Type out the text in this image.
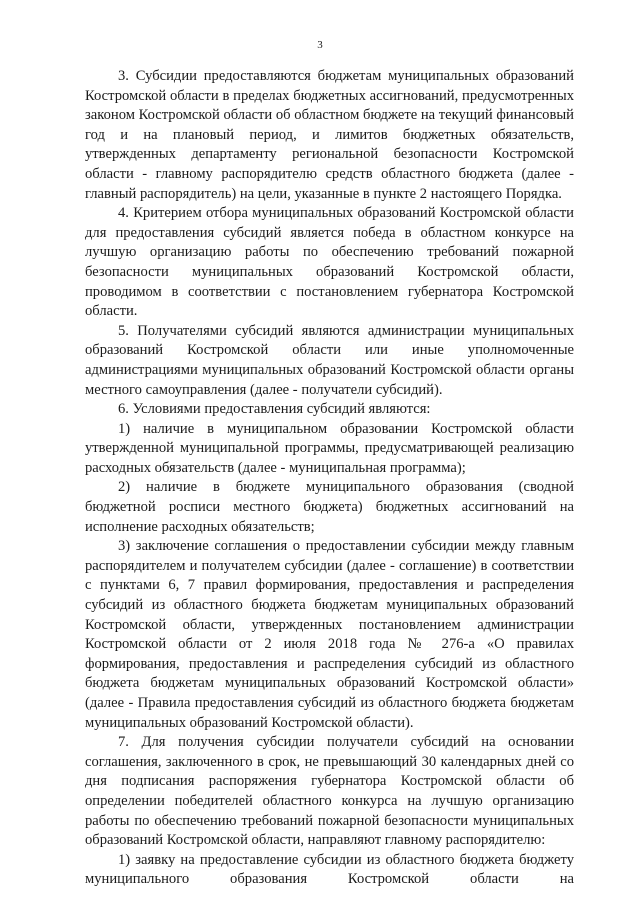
3

3. Субсидии предоставляются бюджетам муниципальных образований Костромской области в пределах бюджетных ассигнований, предусмотренных законом Костромской области об областном бюджете на текущий финансовый год и на плановый период, и лимитов бюджетных обязательств, утвержденных департаменту региональной безопасности Костромской области - главному распорядителю средств областного бюджета (далее - главный распорядитель) на цели, указанные в пункте 2 настоящего Порядка.

4. Критерием отбора муниципальных образований Костромской области для предоставления субсидий является победа в областном конкурсе на лучшую организацию работы по обеспечению требований пожарной безопасности муниципальных образований Костромской области, проводимом в соответствии с постановлением губернатора Костромской области.

5. Получателями субсидий являются администрации муниципальных образований Костромской области или иные уполномоченные администрациями муниципальных образований Костромской области органы местного самоуправления (далее - получатели субсидий).

6. Условиями предоставления субсидий являются:

1) наличие в муниципальном образовании Костромской области утвержденной муниципальной программы, предусматривающей реализацию расходных обязательств (далее - муниципальная программа);

2) наличие в бюджете муниципального образования (сводной бюджетной росписи местного бюджета) бюджетных ассигнований на исполнение расходных обязательств;

3) заключение соглашения о предоставлении субсидии между главным распорядителем и получателем субсидии (далее - соглашение) в соответствии с пунктами 6, 7 правил формирования, предоставления и распределения субсидий из областного бюджета бюджетам муниципальных образований Костромской области, утвержденных постановлением администрации Костромской области от 2 июля 2018 года № 276-а «О правилах формирования, предоставления и распределения субсидий из областного бюджета бюджетам муниципальных образований Костромской области» (далее - Правила предоставления субсидий из областного бюджета бюджетам муниципальных образований Костромской области).

7. Для получения субсидии получатели субсидий на основании соглашения, заключенного в срок, не превышающий 30 календарных дней со дня подписания распоряжения губернатора Костромской области об определении победителей областного конкурса на лучшую организацию работы по обеспечению требований пожарной безопасности муниципальных образований Костромской области, направляют главному распорядителю:

1) заявку на предоставление субсидии из областного бюджета бюджету муниципального образования Костромской области на
